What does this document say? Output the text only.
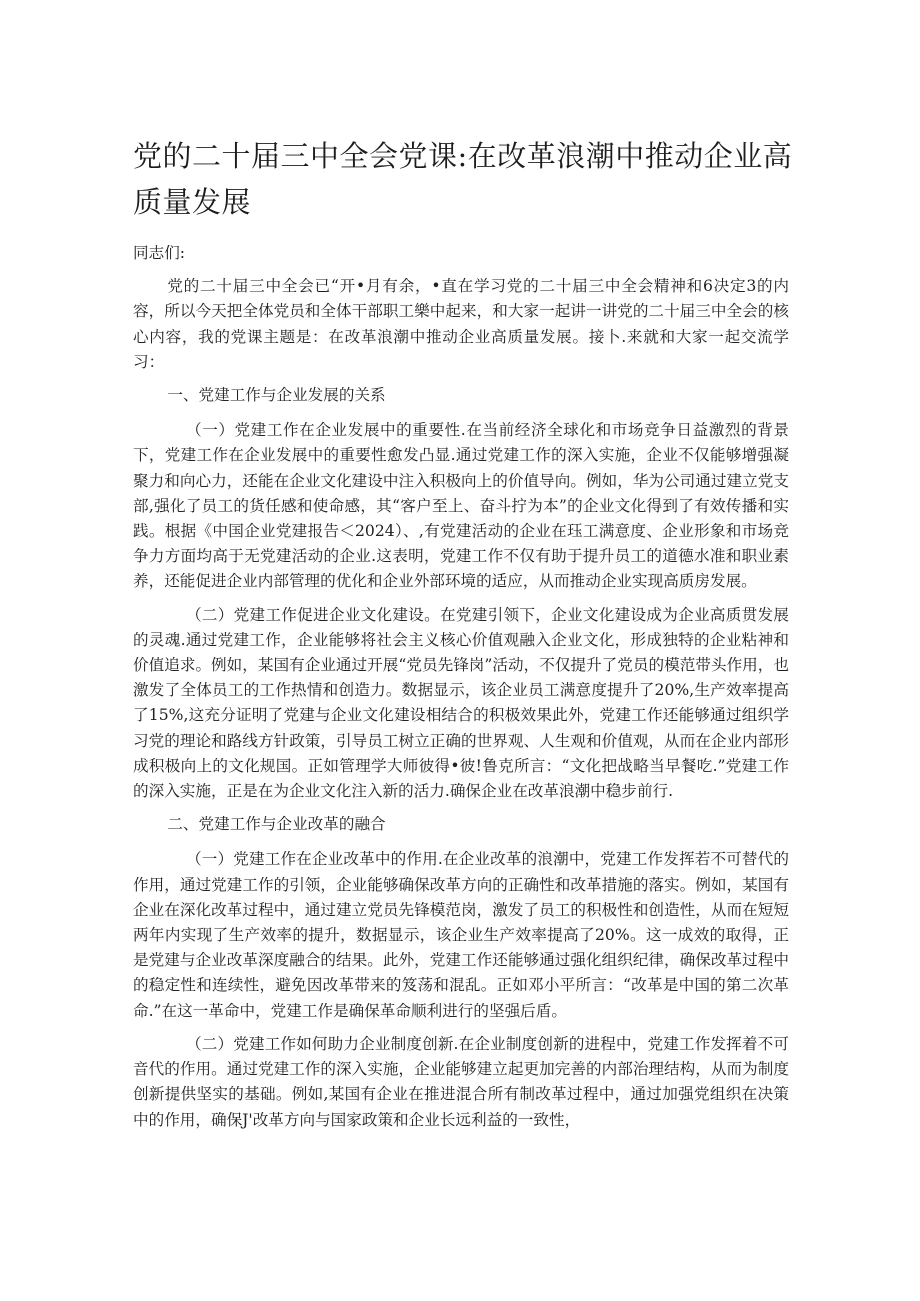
党的二十届三中全会党课:在改革浪潮中推动企业高质量发展

同志们:

党的二十届三中全会已“开•月有余，•直在学习党的二十届三中全会精神和6决定3的内容，所以今天把全体党员和全体干部职工樂中起来，和大家一起讲一讲党的二十届三中全会的核心内容，我的党课主题是：在改革浪潮中推动企业高质量发展。接卜.来就和大家一起交流学习：

一、党建工作与企业发展的关系

（一）党建工作在企业发展中的重要性.在当前经济全球化和市场竞争日益激烈的背景下，党建工作在企业发展中的重要性愈发凸显.通过党建工作的深入实施，企业不仅能够增强凝聚力和向心力，还能在企业文化建设中注入积极向上的价值导向。例如，华为公司通过建立党支部,强化了员工的货任感和使命感，其“客户至上、奋斗拧为本”的企业文化得到了有效传播和实践。根据《中国企业党建报告＜2024）、,有党建活动的企业在珏工满意度、企业形象和市场竞争力方面均高于无党建活动的企业.这表明，党建工作不仅有助于提升员工的道德水准和职业素养，还能促进企业内部管理的优化和企业外部环境的适应，从而推动企业实现高质房发展。

（二）党建工作促进企业文化建设。在党建引领下，企业文化建设成为企业高质贯发展的灵魂.通过党建工作，企业能够将社会主义核心价值观融入企业文化，形成独特的企业粘神和价值追求。例如，某国有企业通过开展“党员先锋岗”活动，不仅提升了党员的模范带头作用，也激发了全体员工的工作热情和创造力。数据显示，该企业员工满意度提升了20%,生产效率提高了15%,这充分证明了党建与企业文化建设相结合的积极效果此外，党建工作还能够通过组织学习党的理论和路线方针政策，引导员工树立正确的世界观、人生观和价值观，从而在企业内部形成积极向上的文化规国。正如管理学大师彼得•彼!鲁克所言：“文化把战略当早餐吃.”党建工作的深入实施，正是在为企业文化注入新的活力.确保企业在改革浪潮中稳步前行.

二、党建工作与企业改革的融合

（一）党建工作在企业改革中的作用.在企业改革的浪潮中，党建工作发挥若不可替代的作用，通过党建工作的引领，企业能够确保改革方向的正确性和改革措施的落实。例如，某国有企业在深化改革过程中，通过建立党员先锋模范岗，激发了员工的积极性和创造性，从而在短短两年内实现了生产效率的提升，数据显示，该企业生产效率提高了20%。这一成效的取得，正是党建与企业改革深度融合的结果。此外，党建工作还能够通过强化组织纪律，确保改革过程中的稳定性和连续性，避免因改革带来的笈荡和混乱。正如邓小平所言：“改革是中国的第二次革命.”在这一革命中，党建工作是确保革命顺利进行的坚强后盾。

（二）党建工作如何助力企业制度创新.在企业制度创新的进程中，党建工作发挥着不可音代的作用。通过党建工作的深入实施，企业能够建立起更加完善的内部治理结构，从而为制度创新提供坚实的基础。例如,某国有企业在推进混合所有制改革过程中，通过加强党组织在决策中的作用，确保J'改革方向与国家政策和企业长远利益的一致性，
